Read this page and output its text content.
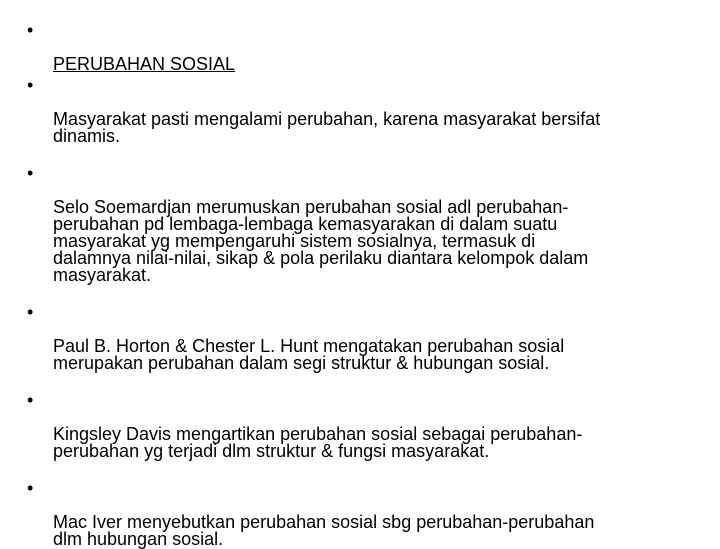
•

PERUBAHAN SOSIAL

•

Masyarakat pasti mengalami perubahan, karena masyarakat bersifat
dinamis.

•

Selo Soemardjan merumuskan perubahan sosial adl perubahan-
perubahan pd lembaga-lembaga kemasyarakan di dalam suatu
masyarakat yg mempengaruhi sistem sosialnya, termasuk di
dalamnya nilai-nilai, sikap & pola perilaku diantara kelompok dalam
masyarakat.

•

Paul B. Horton & Chester L. Hunt mengatakan perubahan sosial
merupakan perubahan dalam segi struktur & hubungan sosial.

•

Kingsley Davis mengartikan perubahan sosial sebagai perubahan-
perubahan yg terjadi dlm struktur & fungsi masyarakat.

•

Mac Iver menyebutkan perubahan sosial sbg perubahan-perubahan
dlm hubungan sosial.
